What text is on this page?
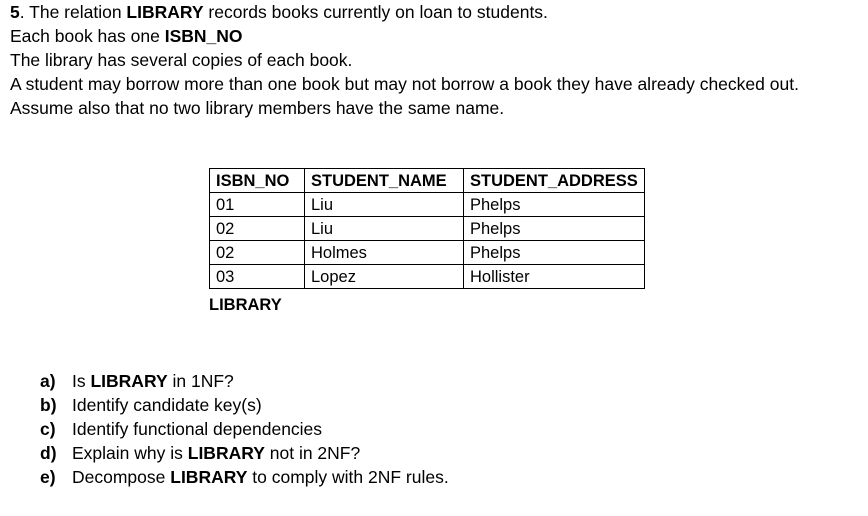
5. The relation LIBRARY records books currently on loan to students.
Each book has one ISBN_NO
The library has several copies of each book.
A student may borrow more than one book but may not borrow a book they have already checked out. Assume also that no two library members have the same name.
ISBN_NO	STUDENT_NAME	STUDENT_ADDRESS
01	Liu	Phelps
02	Liu	Phelps
02	Holmes	Phelps
03	Lopez	Hollister
LIBRARY
a) Is LIBRARY in 1NF?
b) Identify candidate key(s)
c) Identify functional dependencies
d) Explain why is LIBRARY not in 2NF?
e) Decompose LIBRARY to comply with 2NF rules.
